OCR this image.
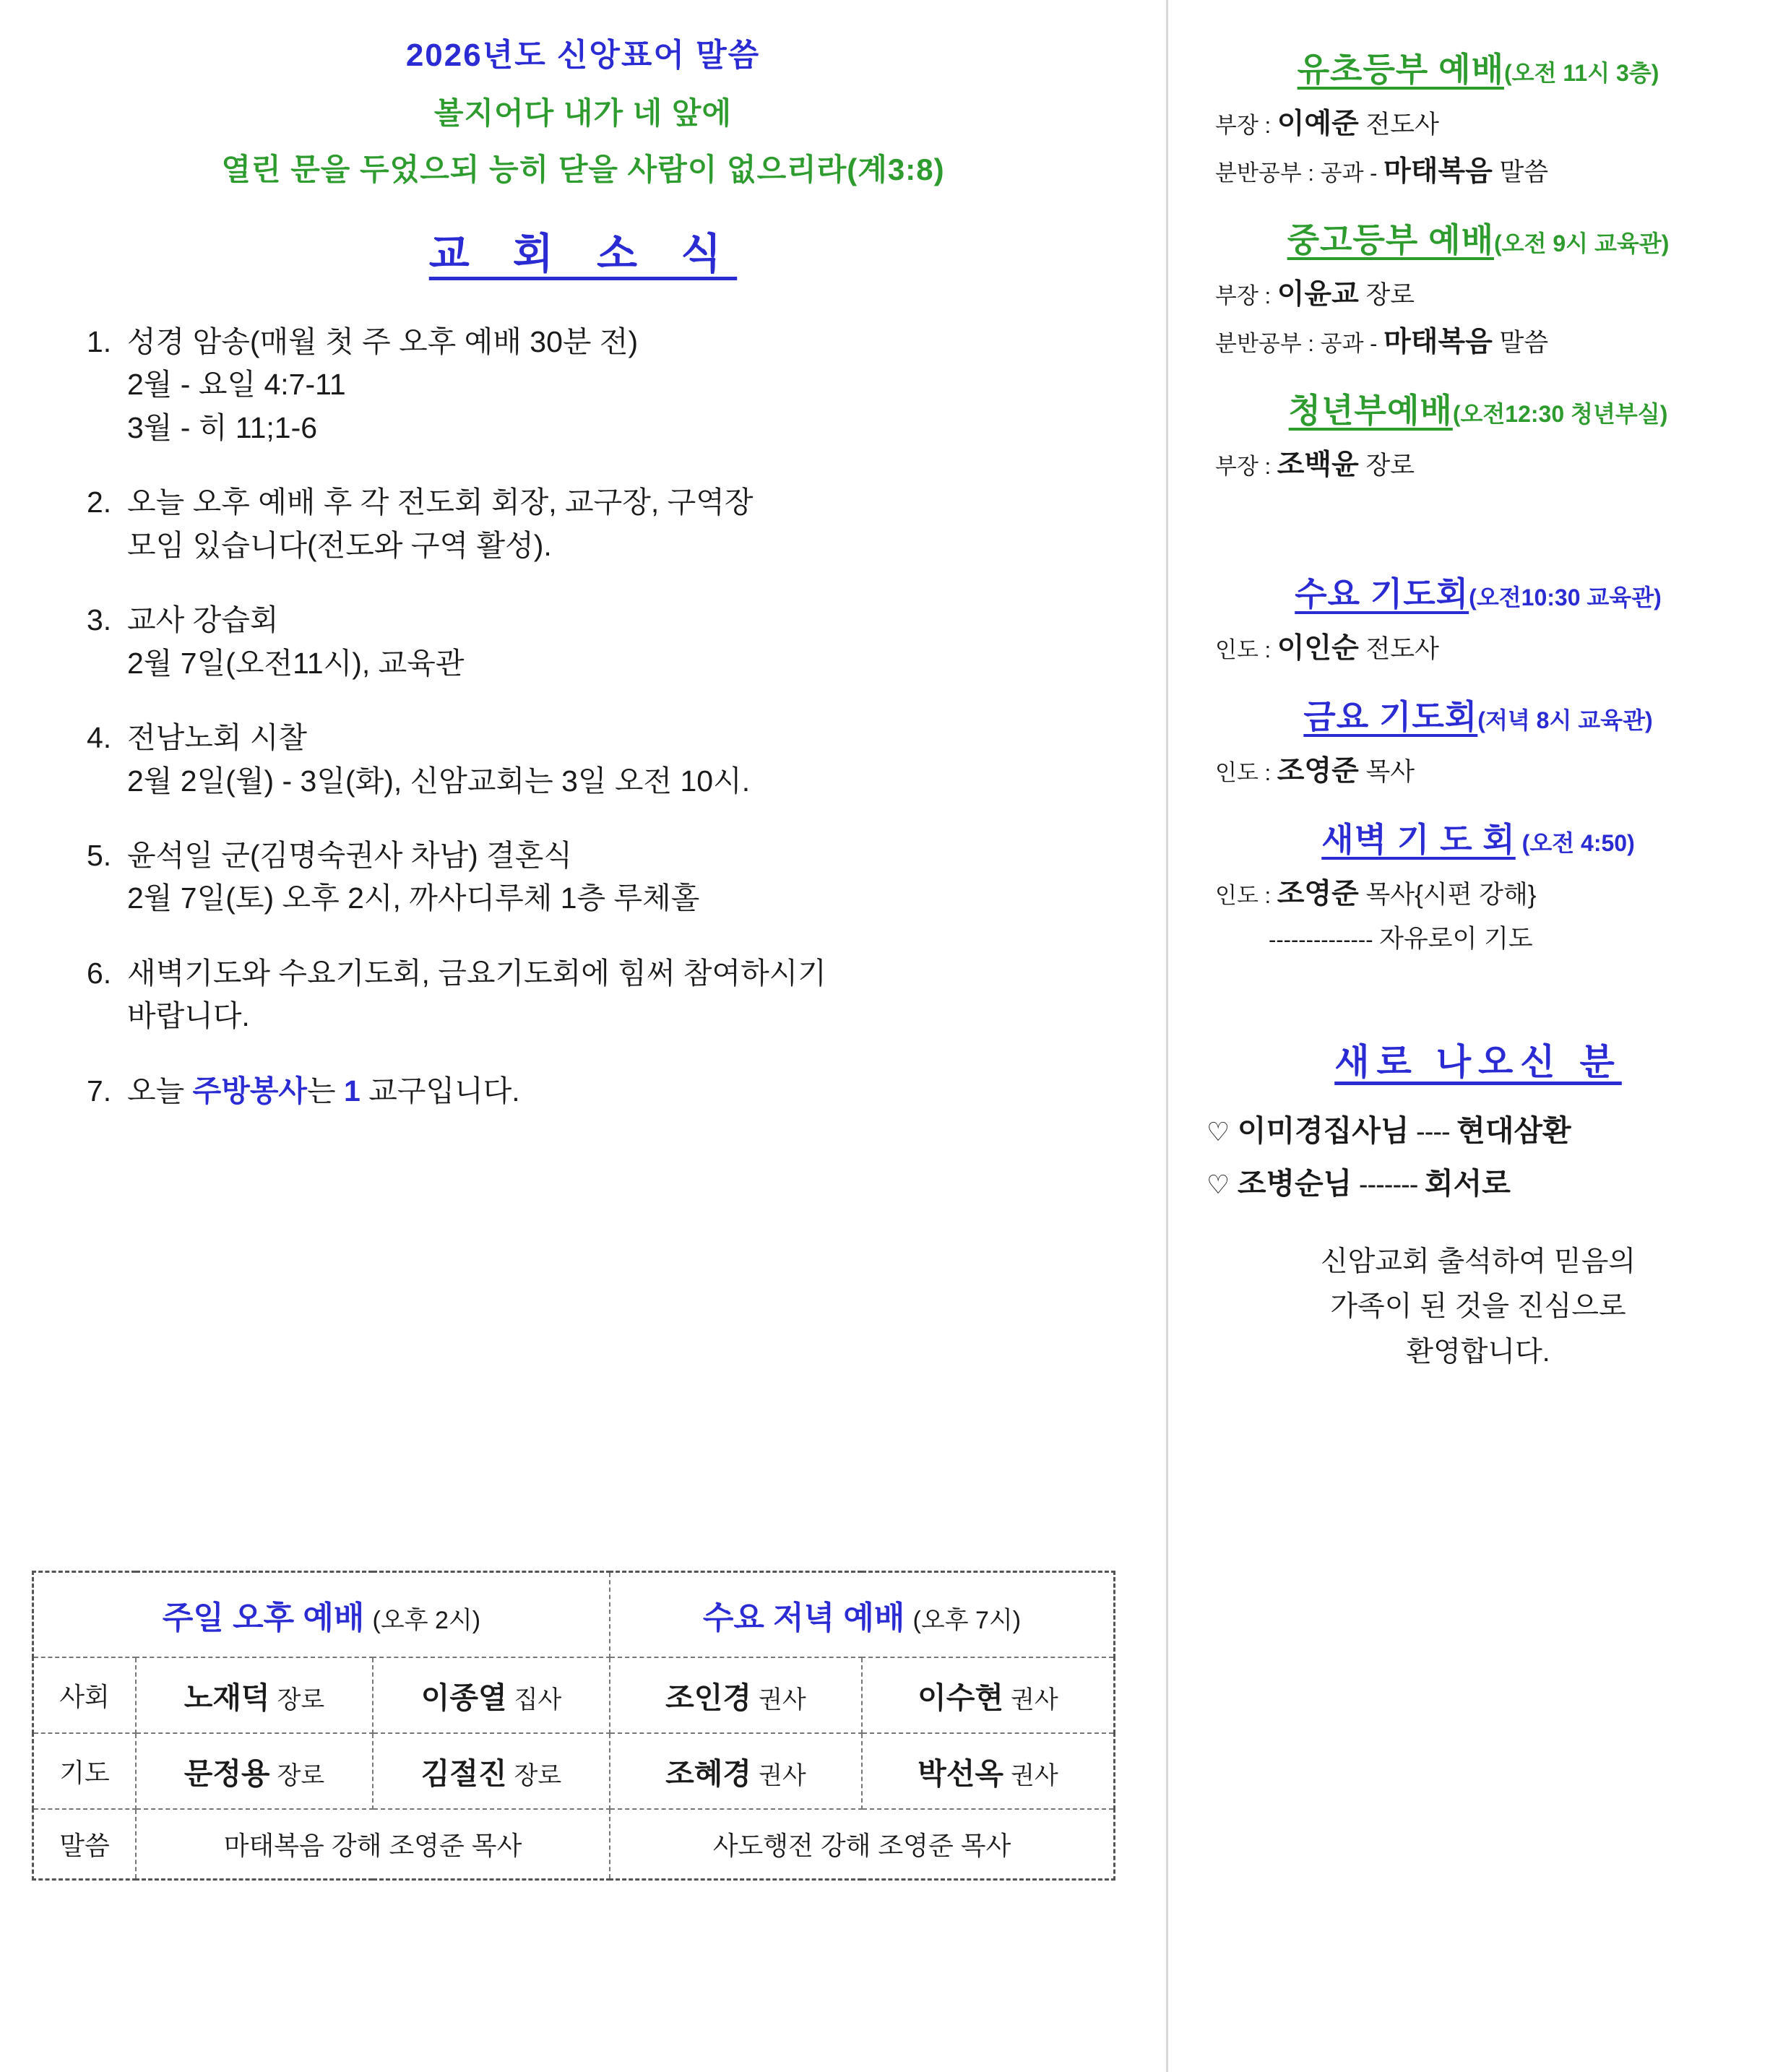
2026년도 신앙표어 말씀
볼지어다 내가 네 앞에
열린 문을 두었으되 능히 닫을 사람이 없으리라(계3:8)
교 회 소 식
1. 성경 암송(매월 첫 주 오후 예배 30분 전)
2월 - 요일 4:7-11
3월 - 히 11;1-6
2. 오늘 오후 예배 후 각 전도회 회장, 교구장, 구역장
모임 있습니다(전도와 구역 활성).
3. 교사 강습회
2월 7일(오전11시), 교육관
4. 전남노회 시찰
2월 2일(월) - 3일(화), 신암교회는 3일 오전 10시.
5. 윤석일 군(김명숙권사 차남) 결혼식
2월 7일(토) 오후 2시, 까사디루체 1층 루체홀
6. 새벽기도와 수요기도회, 금요기도회에 힘써 참여하시기
바랍니다.
7. 오늘 주방봉사는 1 교구입니다.
주일 오후 예배 (오후 2시)			수요 저녁 예배 (오후 7시)	
사회	노재덕 장로	이종열 집사	조인경 권사	이수현 권사
기도	문정용 장로	김절진 장로	조혜경 권사	박선옥 권사
말씀	마태복음 강해 조영준 목사		사도행전 강해 조영준 목사	
유초등부 예배(오전 11시 3층)
부장 : 이예준 전도사
분반공부 : 공과 - 마태복음 말씀
중고등부 예배(오전 9시 교육관)
부장 : 이윤교 장로
분반공부 : 공과 - 마태복음 말씀
청년부예배(오전12:30 청년부실)
부장 : 조백윤 장로
수요 기도회(오전10:30 교육관)
인도 : 이인순 전도사
금요 기도회(저녁 8시 교육관)
인도 : 조영준 목사
새벽 기 도 회 (오전 4:50)
인도 : 조영준 목사{시편 강해}
-------------- 자유로이 기도
새로 나오신 분
♡ 이미경집사님 ---- 현대삼환
♡ 조병순님 ------- 회서로
신암교회 출석하여 믿음의
가족이 된 것을 진심으로
환영합니다.
